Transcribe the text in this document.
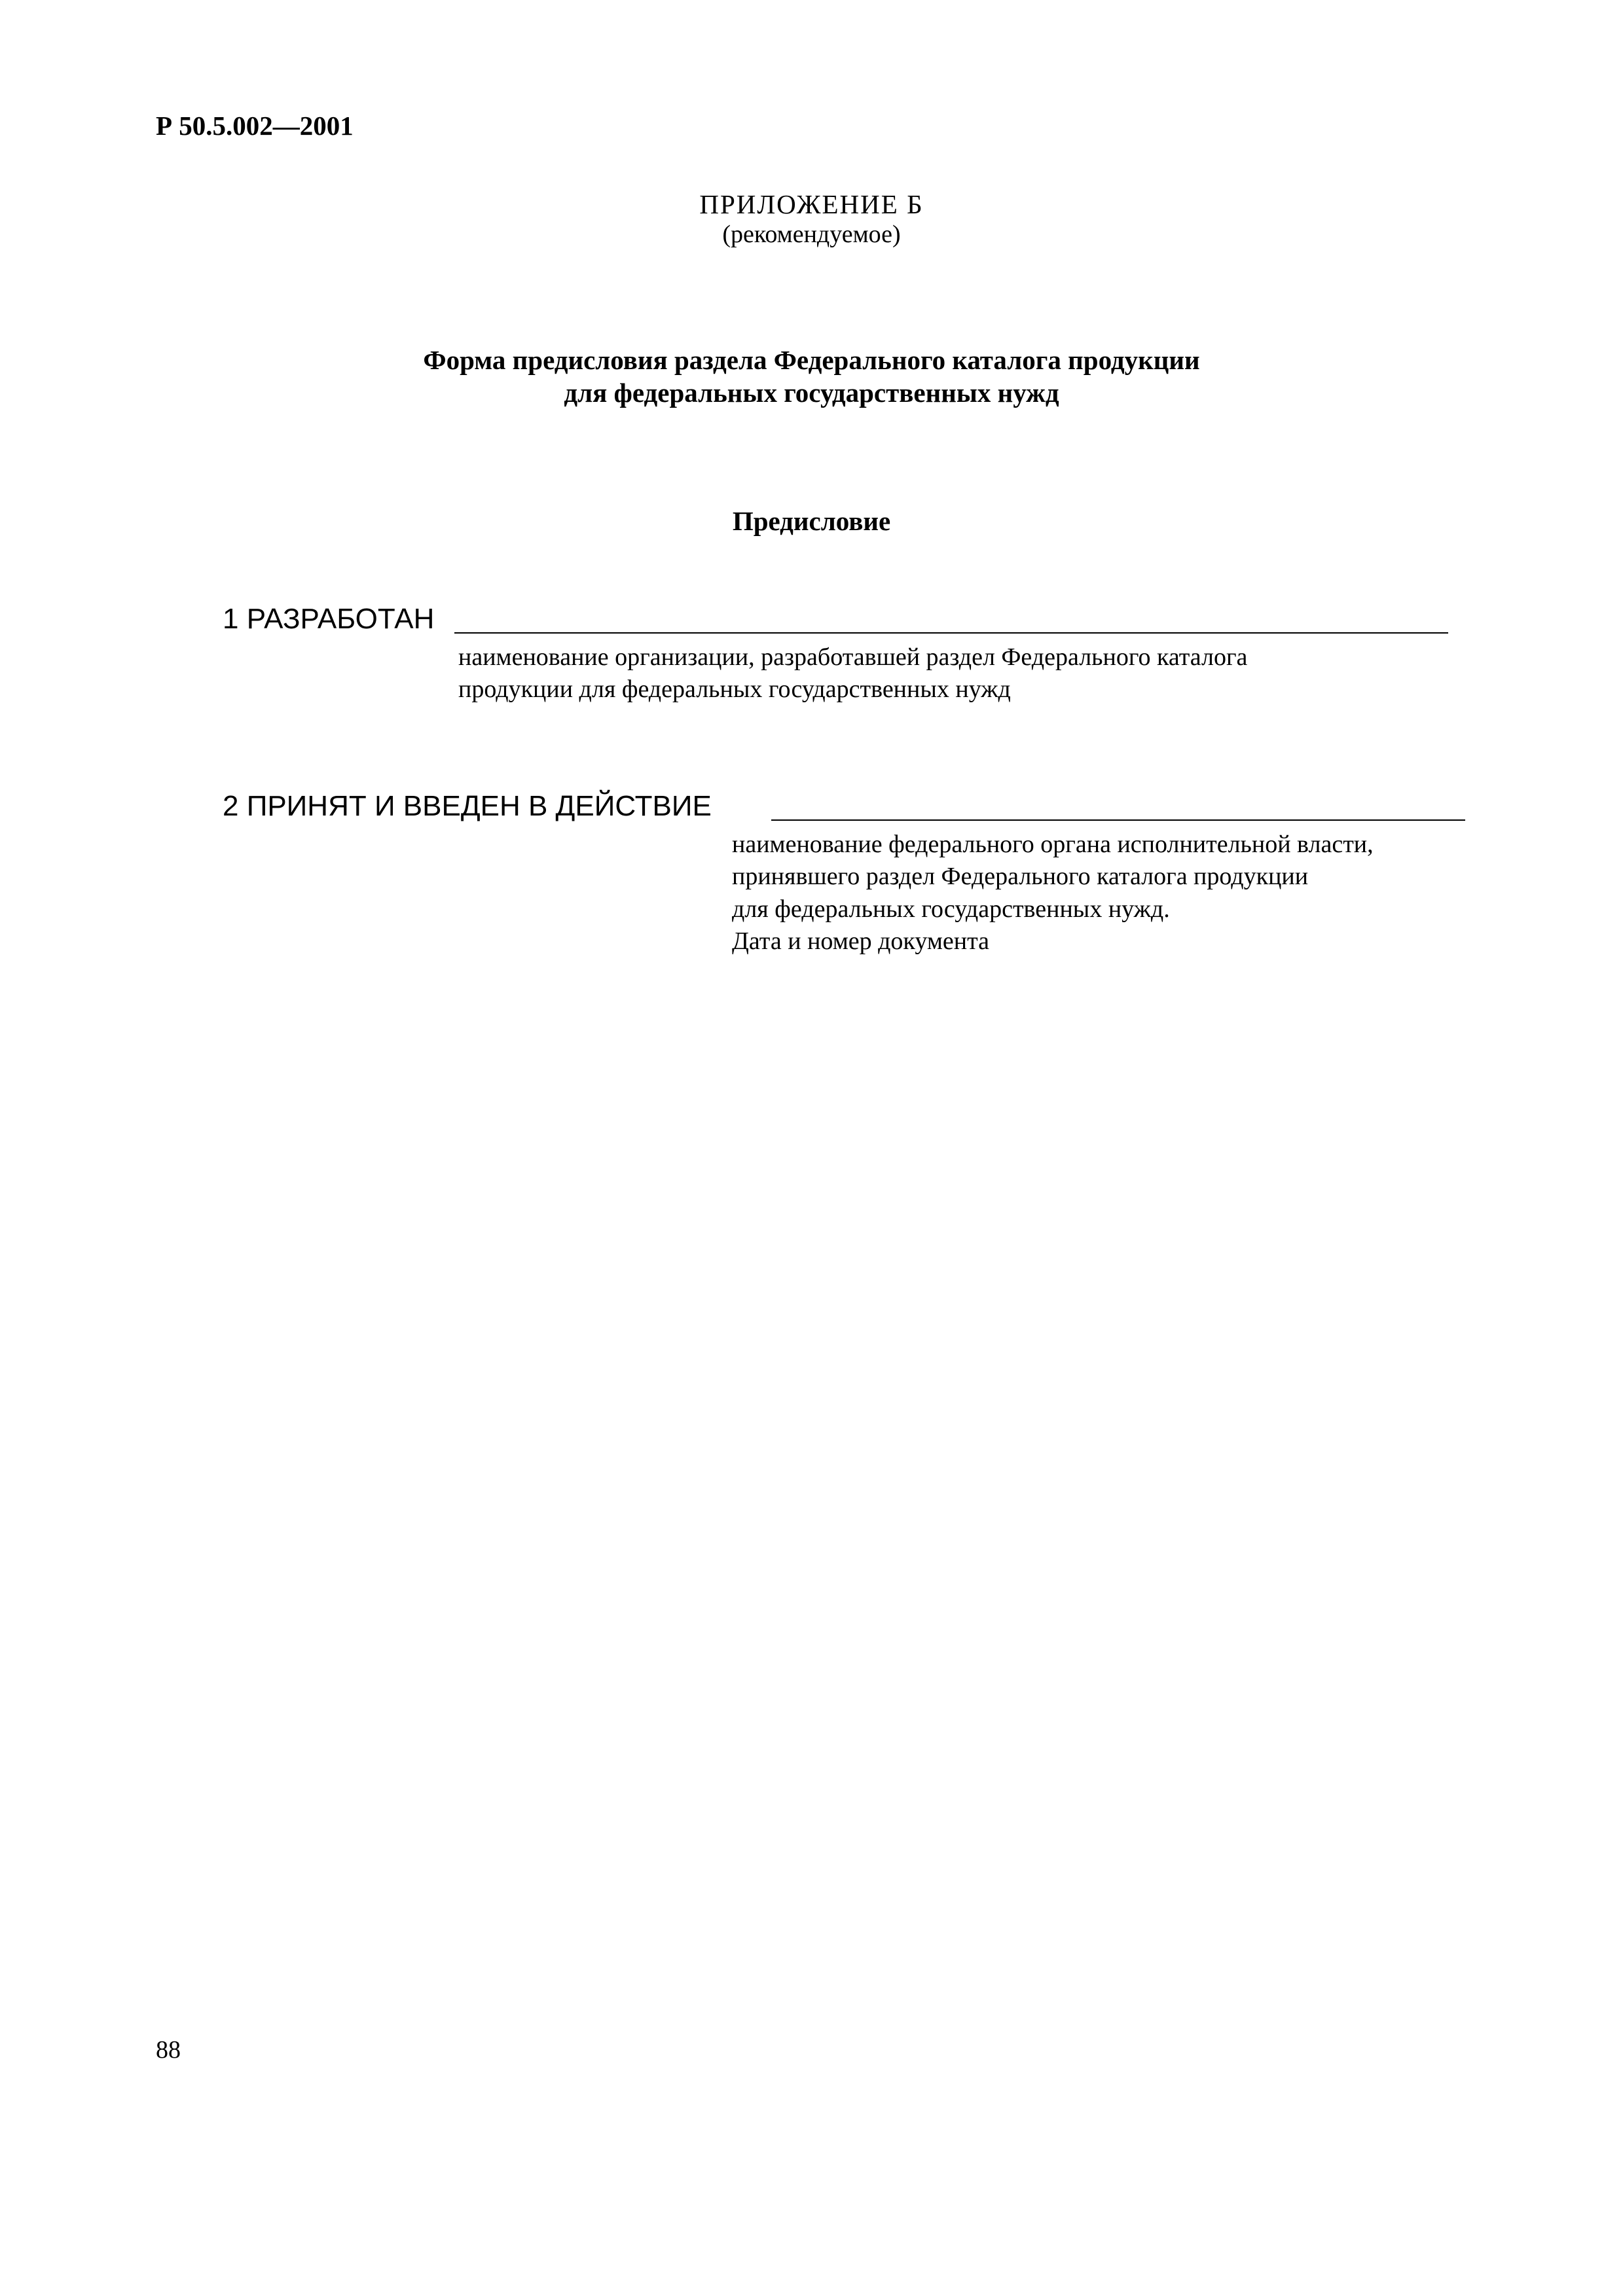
Р 50.5.002—2001
ПРИЛОЖЕНИЕ Б
(рекомендуемое)
Форма предисловия раздела Федерального каталога продукции
для федеральных государственных нужд
Предисловие
1 РАЗРАБОТАН
наименование организации, разработавшей раздел Федерального каталога
продукции для федеральных государственных нужд
2 ПРИНЯТ И ВВЕДЕН В ДЕЙСТВИЕ
наименование федерального органа исполнительной власти,
принявшего раздел Федерального каталога продукции
для федеральных государственных нужд.
Дата и номер документа
88
